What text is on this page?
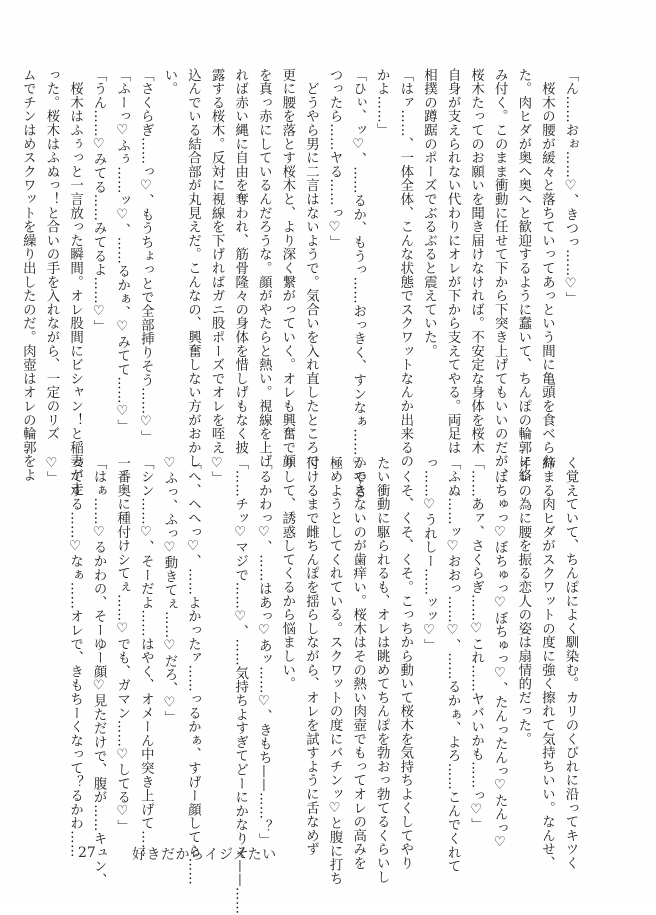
「ん……おぉ……♡、きつっ……♡」
　桜木の腰が緩々と落ちていってあっという間に亀頭を食べられ
た。肉ヒダが奥へ奥へと歓迎するように蠢いて、ちんぽの輪郭に絡
み付く。このまま衝動に任せて下から下突き上げてもいいのだが、
桜木たってのお願いを聞き届けなければ。不安定な身体を桜木
自身が支えられない代わりにオレが下から支えてやる。両足は
相撲の蹲踞のポーズでぶるぶると震えていた。
「はァ……、一体全体、こんな状態でスクワットなんか出来るの
かよ……」
「ひぃ、ッ♡、……るか、もうっ……おっきく、すンなぁ……♡やる
つったら……ヤる……っ♡」
　どうやら男に二言はないようで。気合いを入れ直したところで
更に腰を落とす桜木と、より深く繋がっていく。オレも興奮で顔
を真っ赤にしているんだろうな。顔がやたらと熱い。視線を上げ
れば赤い縄に自由を奪われ、筋骨隆々の身体を惜しげもなく披
露する桜木。反対に視線を下げればガニ股ポーズでオレを咥え
込んでいる結合部が丸見えだ。こんなの、興奮しない方がおかし
い。
「さくらぎ……っ♡、もうちょっとで全部挿りそう……♡」
「ふーっ♡ふぅ……ッ♡、……るかぁ、♡みてて……♡」
「うん……♡みてる……みてるよ……♡」
　桜木はふぅっと一言放った瞬間。オレ股間にビシャン！と稲妻が走
った。桜木はふぬっ！と合いの手を入れながら、一定のリズ
ムでチンはめスクワットを繰り出したのだ。肉壺はオレの輪郭をよ
く覚えていて、ちんぽによく馴染む。カリのくびれに沿ってキツく
締まる肉ヒダがスクワットの度に強く擦れて気持ちいい。なんせ、
オレの為に腰を振る恋人の姿は扇情的だった。
　ぼちゅっ♡ぼちゅっ♡ぼちゅっ♡、たんったんっ♡たんっ♡
「……あァ、さくらぎ……♡これ……ヤバいかも……っ♡」
「ふぬ……ッ♡おおっ……♡、……るかぁ、よろ……こんでくれて
っ……♡うれしー……ッッ♡」
　くそ、くそ、くそ。こっちから動いて桜木を気持ちよくしてやり
たい衝動に駆られるも、オレは眺めてちんぽを勃おっ勃てるくらいし
かできないのが歯痒い。桜木はその熱い肉壺でもってオレの高みを
極めようとしてくれている。スクワットの度にバチンッ♡と腹に打ち
付けるまで雌ちんぽを揺らしながら、オレを試すように舌なめず
りして、誘惑してくるから悩ましい。
「るかわっ♡、……はあっ♡あッ……♡、きもち——……？」
「……チッ♡マジで……♡、……気持ちよすぎてどーにかなりそ——……
♡」
「へ、へへっ♡、……よかったァ……っるかぁ、すげー顔してら……
♡ふっ、ふっ♡動きてぇ……♡だろ、♡」
「シン……♡、そーだよ……はやく、オメーん中突き上げて……
一番奥に種付けシてぇ……♡でも、ガマン……♡してる♡」
「はぁ……♡るかわの、そーゆー顔♡見ただけで、腹が……キュン、
ってする……♡なぁ……オレで、きもちーくなって？るかわ……
♡」
27	好きだからイジメたい
